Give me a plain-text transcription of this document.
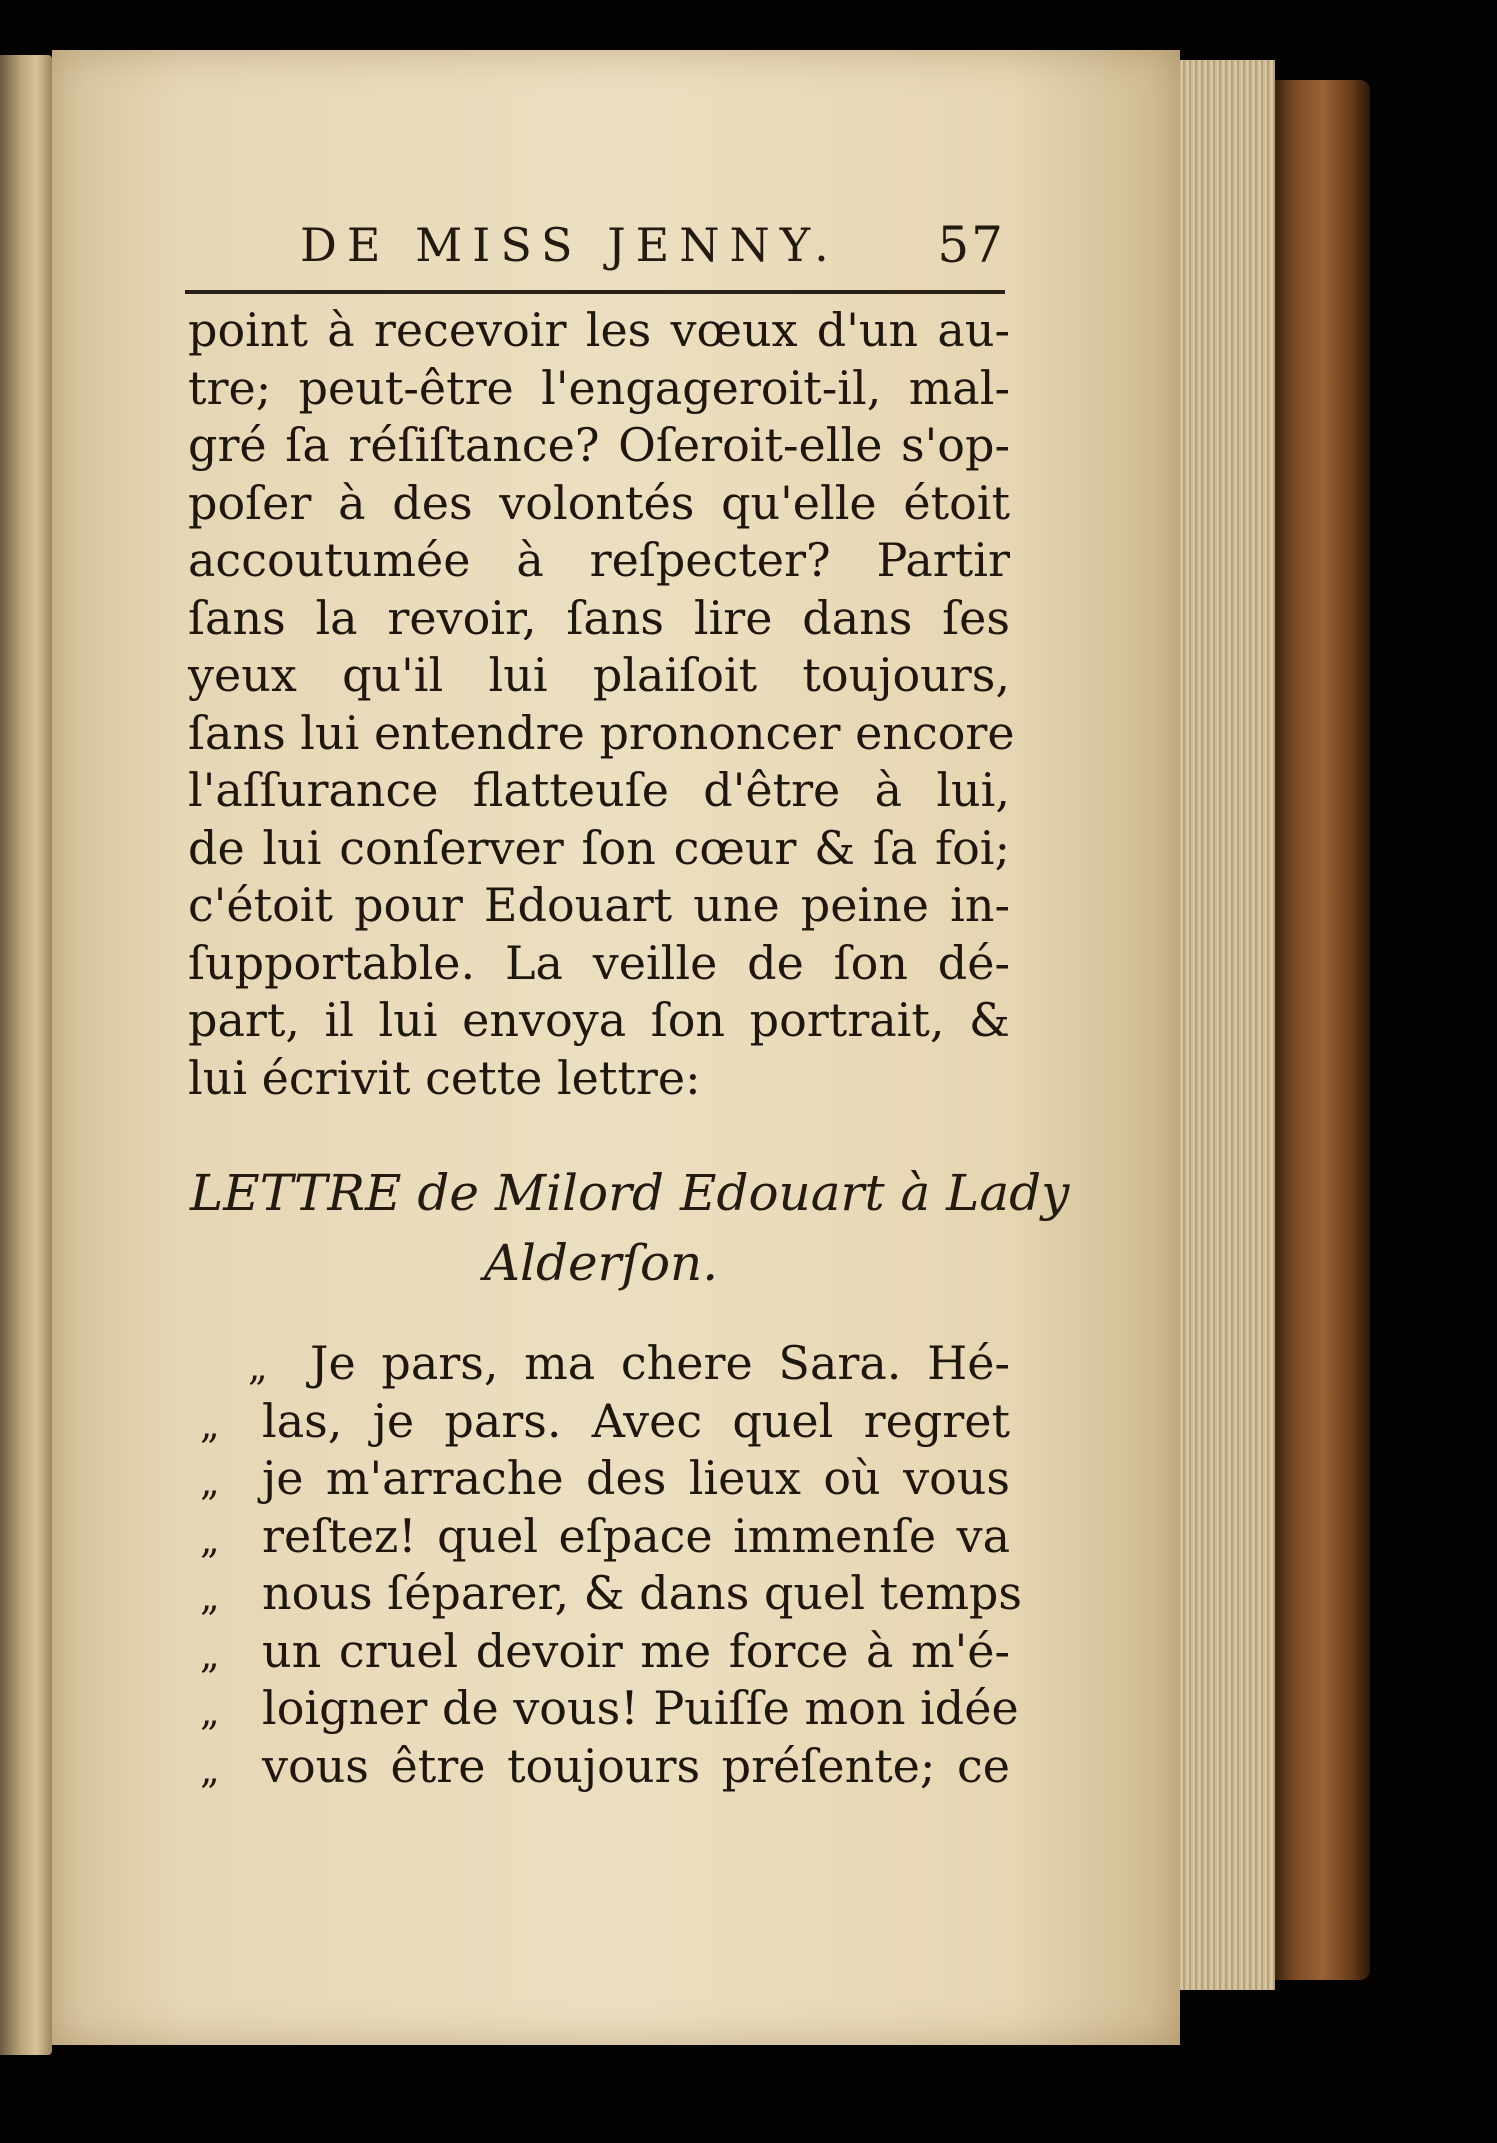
DE MISS JENNY. 57
point à recevoir les vœux d'un au-
tre; peut-être l'engageroit-il, mal-
gré ſa réſiſtance? Oſeroit-elle s'op-
poſer à des volontés qu'elle étoit
accoutumée à reſpecter? Partir
ſans la revoir, ſans lire dans ſes
yeux qu'il lui plaiſoit toujours,
ſans lui entendre prononcer encore
l'aſſurance flatteuſe d'être à lui,
de lui conſerver ſon cœur & ſa foi;
c'étoit pour Edouart une peine in-
ſupportable. La veille de ſon dé-
part, il lui envoya ſon portrait, &
lui écrivit cette lettre:
LETTRE de Milord Edouart à Lady
Alderſon.
„ Je pars, ma chere Sara. Hé-
„ las, je pars. Avec quel regret
„ je m'arrache des lieux où vous
„ reſtez! quel eſpace immenſe va
„ nous ſéparer, & dans quel temps
„ un cruel devoir me force à m'é-
„ loigner de vous! Puiſſe mon idée
„ vous être toujours préſente; ce
